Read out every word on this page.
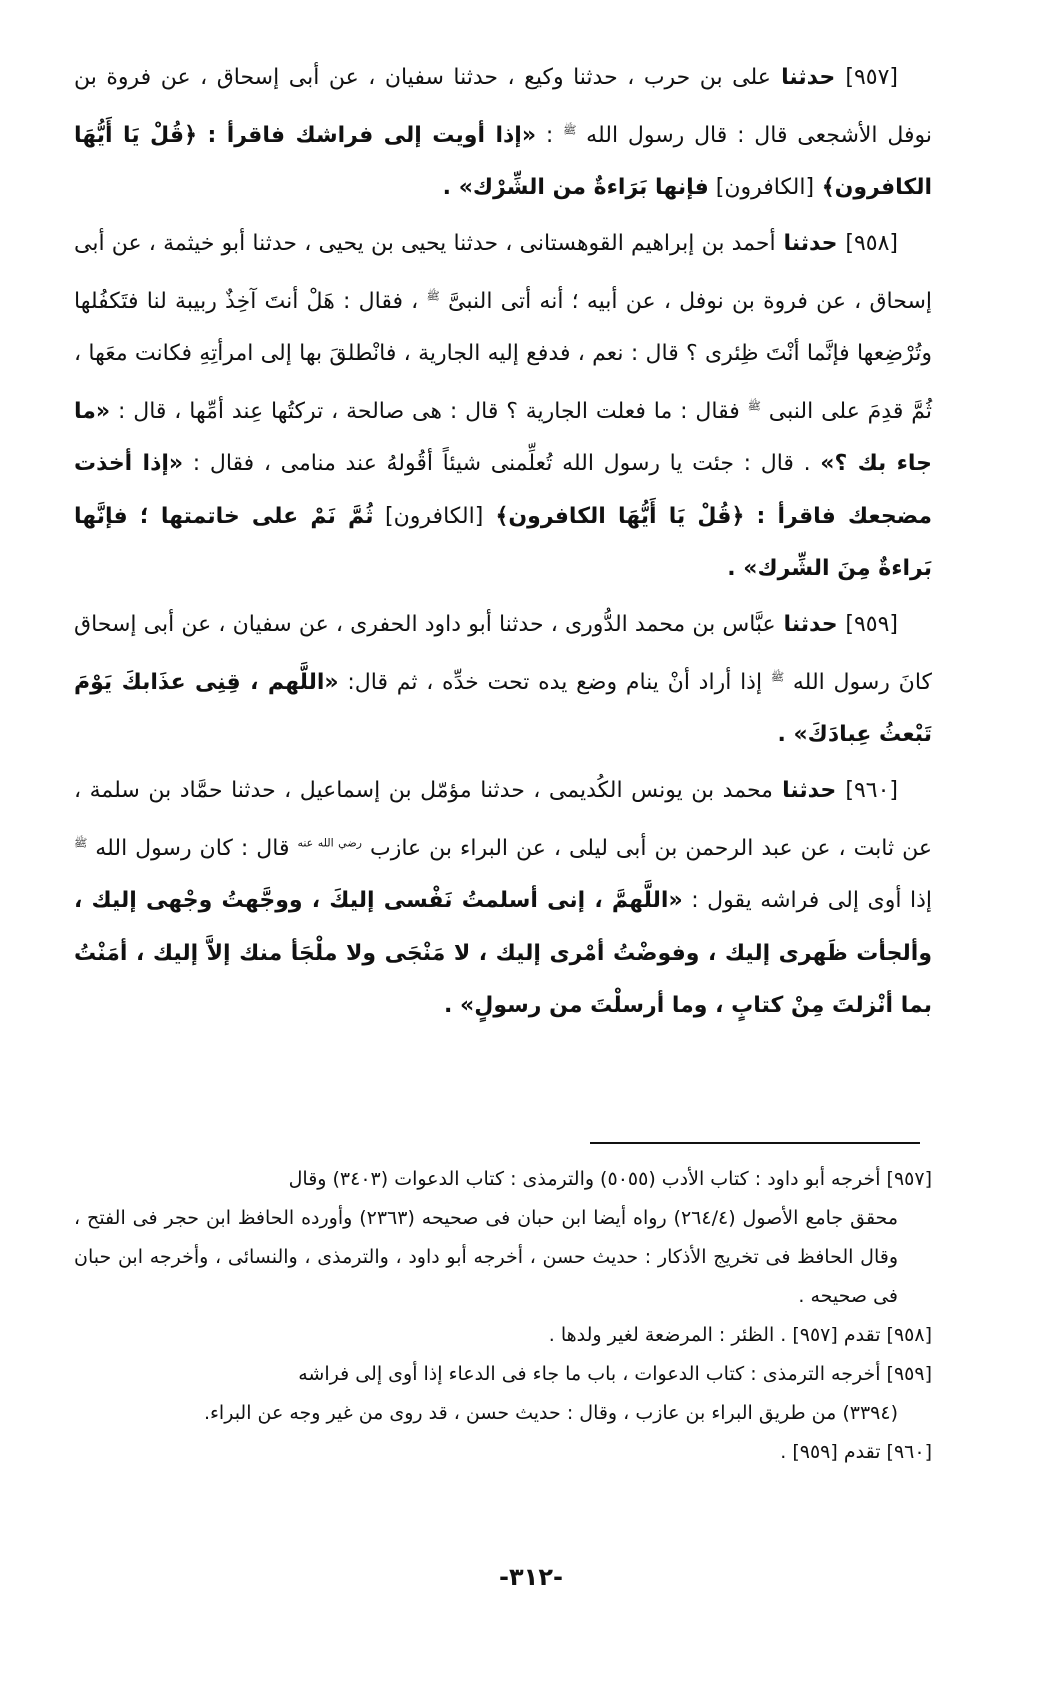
[٩٥٧] حدثنا على بن حرب ، حدثنا وكيع ، حدثنا سفيان ، عن أبى إسحاق ، عن فروة بن نوفل الأشجعى قال : قال رسول الله $^ﷺ$ : «إذا أويت إلى فراشك فاقرأ : ﴿قُلْ يَا أَيُّهَا الكافرون﴾ [الكافرون] فإنها بَرَاءةٌ من الشِّرْك» .

[٩٥٨] حدثنا أحمد بن إبراهيم القوهستانى ، حدثنا يحيى بن يحيى ، حدثنا أبو خيثمة ، عن أبى إسحاق ، عن فروة بن نوفل ، عن أبيه ؛ أنه أتى النبىَّ $^ﷺ$ ، فقال : هَلْ أنتَ آخِذٌ ربيبة لنا فتَكفُلها وتُرْضِعها فإنَّما أنْتَ ظِئرى ؟ قال : نعم ، فدفع إليه الجارية ، فانْطلقَ بها إلى امرأتِهِ فكانت معَها ، ثُمَّ قدِمَ على النبى $^ﷺ$ فقال : ما فعلت الجارية ؟ قال : هى صالحة ، تركتُها عِند أمِّها ، قال : «ما جاء بك ؟» . قال : جئت يا رسول الله تُعلِّمنى شيئاً أقُولهُ عند منامى ، فقال : «إذا أخذت مضجعك فاقرأ : ﴿قُلْ يَا أَيُّهَا الكافرون﴾ [الكافرون] ثُمَّ نَمْ على خاتمتها ؛ فإنَّها بَراءةٌ مِنَ الشِّرك» .

[٩٥٩] حدثنا عبَّاس بن محمد الدُّورى ، حدثنا أبو داود الحفرى ، عن سفيان ، عن أبى إسحاق كانَ رسول الله $^ﷺ$ إذا أراد أنْ ينام وضع يده تحت خدِّه ، ثم قال: «اللَّهم ، قِنِى عذَابكَ يَوْمَ تَبْعثُ عِبادَكَ» .

[٩٦٠] حدثنا محمد بن يونس الكُديمى ، حدثنا مؤمّل بن إسماعيل ، حدثنا حمَّاد بن سلمة ، عن ثابت ، عن عبد الرحمن بن أبى ليلى ، عن البراء بن عازب $^{رضي الله عنه}$ قال : كان رسول الله $^ﷺ$ إذا أوى إلى فراشه يقول : «اللَّهمَّ ، إنى أسلمتُ نَفْسى إليكَ ، ووجَّهتُ وجْهى إليك ، وألجأت ظَهرى إليك ، وفوضْتُ أمْرى إليك ، لا مَنْجَى ولا ملْجَأ منك إلاَّ إليك ، أمَنْتُ بما أنْزلتَ مِنْ كتابٍ ، وما أرسلْتَ من رسولٍ» .

[٩٥٧] أخرجه أبو داود : كتاب الأدب (٥٠٥٥) والترمذى : كتاب الدعوات (٣٤٠٣) وقال
محقق جامع الأصول (٢٦٤/٤) رواه أيضا ابن حبان فى صحيحه (٢٣٦٣) وأورده الحافظ ابن حجر فى الفتح ، وقال الحافظ فى تخريج الأذكار : حديث حسن ، أخرجه أبو داود ، والترمذى ، والنسائى ، وأخرجه ابن حبان فى صحيحه .

[٩٥٨] تقدم [٩٥٧] . الظئر : المرضعة لغير ولدها .

[٩٥٩] أخرجه الترمذى : كتاب الدعوات ، باب ما جاء فى الدعاء إذا أوى إلى فراشه
(٣٣٩٤) من طريق البراء بن عازب ، وقال : حديث حسن ، قد روى من غير وجه عن البراء.

[٩٦٠] تقدم [٩٥٩] .

-٣١٢-
